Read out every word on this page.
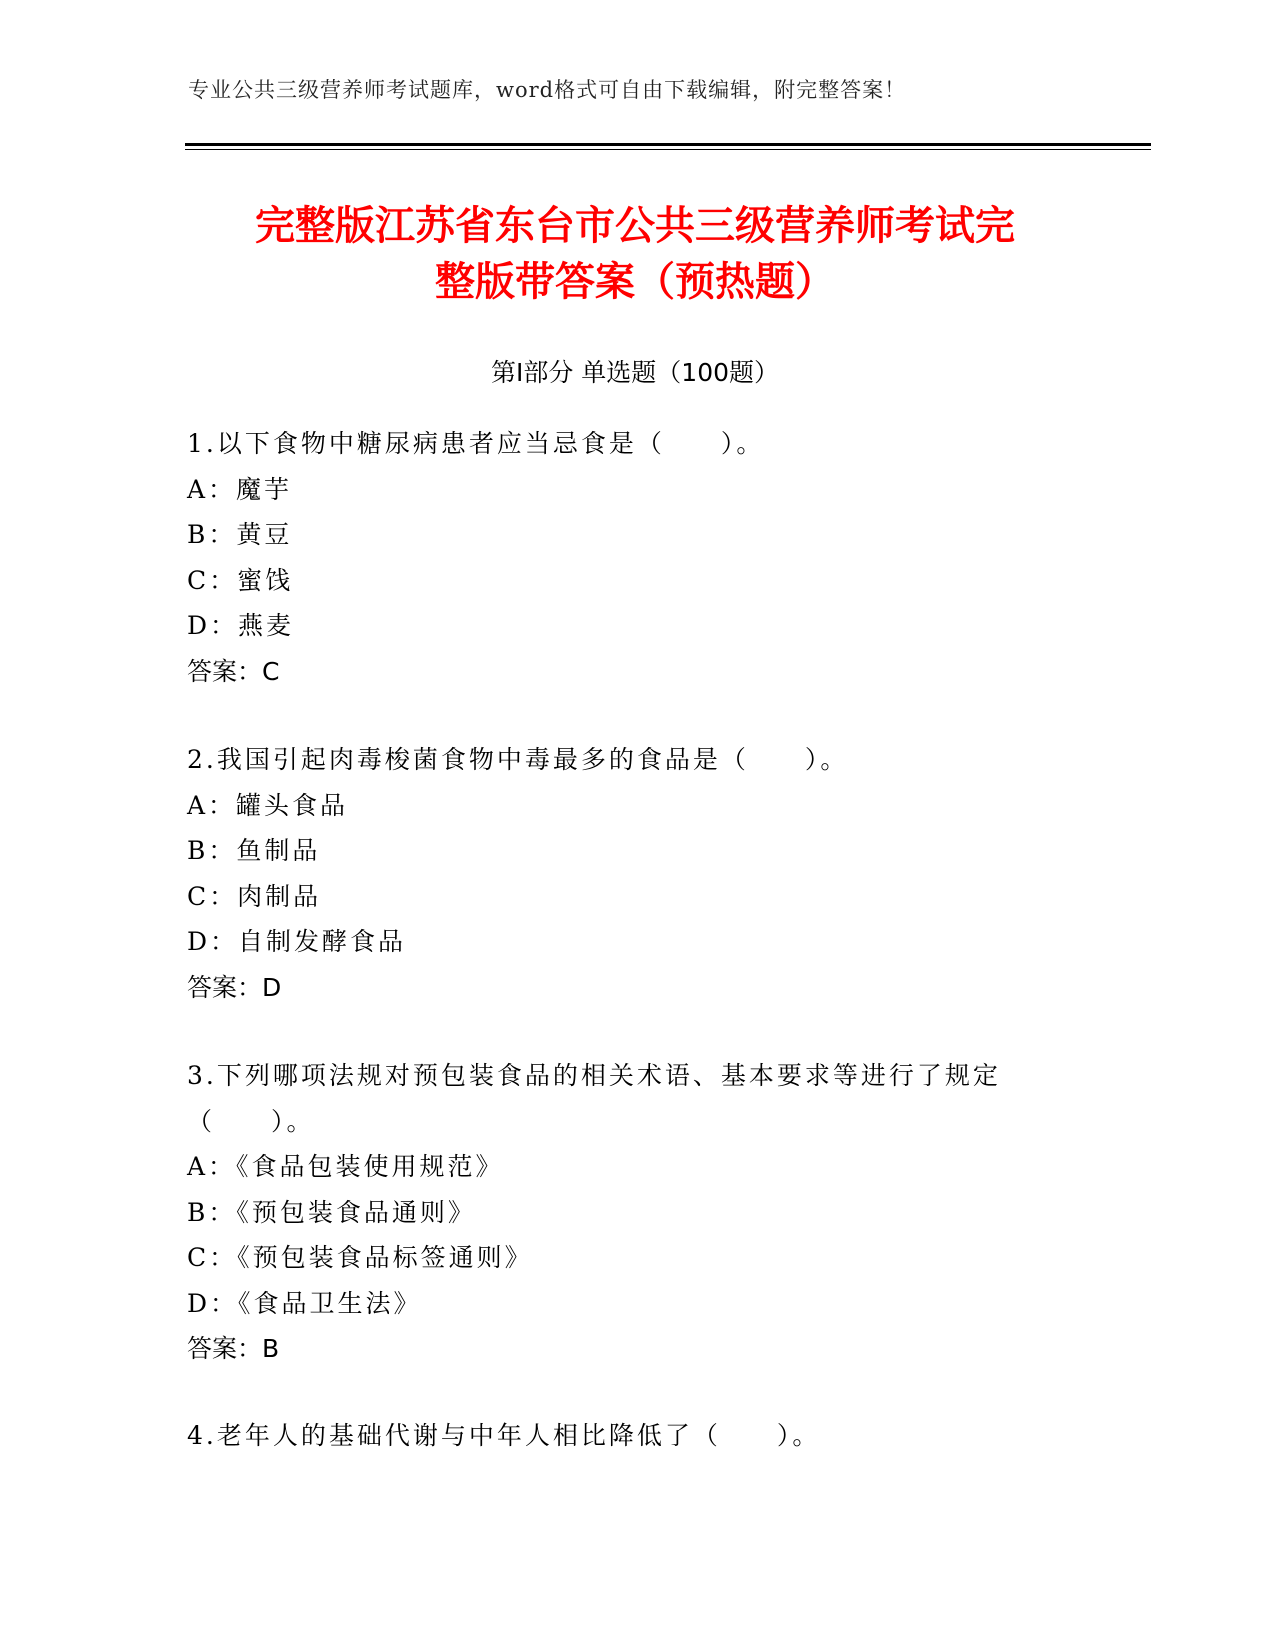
专业公共三级营养师考试题库，word格式可自由下载编辑，附完整答案！
完整版江苏省东台市公共三级营养师考试完
整版带答案（预热题）
第Ⅰ部分 单选题（100题）
1.以下食物中糖尿病患者应当忌食是（　　）。
A：魔芋
B：黄豆
C：蜜饯
D：燕麦
答案：C
2.我国引起肉毒梭菌食物中毒最多的食品是（　　）。
A：罐头食品
B：鱼制品
C：肉制品
D：自制发酵食品
答案：D
3.下列哪项法规对预包装食品的相关术语、基本要求等进行了规定（　　）。
A：《食品包装使用规范》
B：《预包装食品通则》
C：《预包装食品标签通则》
D：《食品卫生法》
答案：B
4.老年人的基础代谢与中年人相比降低了（　　）。
